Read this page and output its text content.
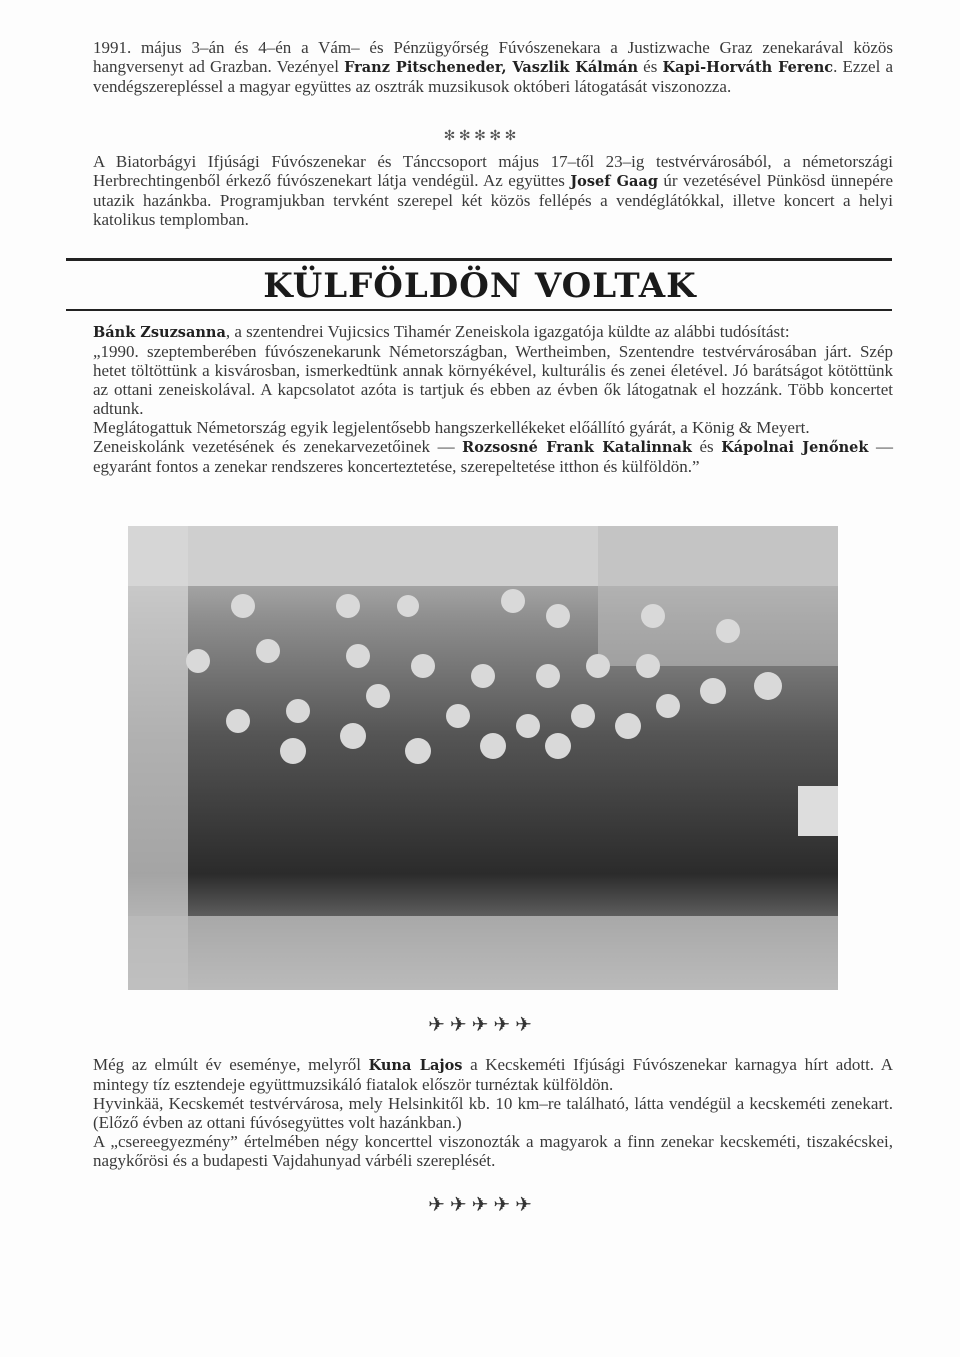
1991. május 3–án és 4–én a Vám– és Pénzügyőrség Fúvószenekara a Justizwache Graz zenekarával közös hangversenyt ad Grazban. Vezényel Franz Pitscheneder, Vaszlik Kálmán és Kapi-Horváth Ferenc. Ezzel a vendégszerepléssel a magyar együttes az osztrák muzsikusok októberi látogatását viszonozza.

✻ ✻ ✻ ✻ ✻

A Biatorbágyi Ifjúsági Fúvószenekar és Tánccsoport május 17–től 23–ig testvérvárosából, a németországi Herbrechtingenből érkező fúvószenekart látja vendégül. Az együttes Josef Gaag úr vezetésével Pünkösd ünnepére utazik hazánkba. Programjukban tervként szerepel két közös fellépés a vendéglátókkal, illetve koncert a helyi katolikus templomban.

KÜLFÖLDÖN VOLTAK

Bánk Zsuzsanna, a szentendrei Vujicsics Tihamér Zeneiskola igazgatója küldte az alábbi tudósítást:

„1990. szeptemberében fúvószenekarunk Németországban, Wertheimben, Szentendre testvérvárosában járt. Szép hetet töltöttünk a kisvárosban, ismerkedtünk annak környékével, kulturális és zenei életével. Jó barátságot kötöttünk az ottani zeneiskolával. A kapcsolatot azóta is tartjuk és ebben az évben ők látogatnak el hozzánk. Több koncertet adtunk.

Meglátogattuk Németország egyik legjelentősebb hangszerkellékeket előállító gyárát, a König & Meyert.

Zeneiskolánk vezetésének és zenekarvezetőinek — Rozsosné Frank Katalinnak és Kápolnai Jenőnek — egyaránt fontos a zenekar rendszeres koncerteztetése, szerepeltetése itthon és külföldön.”

✈ ✈ ✈ ✈ ✈

Még az elmúlt év eseménye, melyről Kuna Lajos a Kecskeméti Ifjúsági Fúvószenekar karnagya hírt adott. A mintegy tíz esztendeje együttmuzsikáló fiatalok először turnéztak külföldön.

Hyvinkää, Kecskemét testvérvárosa, mely Helsinkitől kb. 10 km–re található, látta vendégül a kecskeméti zenekart. (Előző évben az ottani fúvósegyüttes volt hazánkban.)

A „csereegyezmény” értelmében négy koncerttel viszonozták a magyarok a finn zenekar kecskeméti, tiszakécskei, nagykőrösi és a budapesti Vajdahunyad várbéli szereplését.

✈ ✈ ✈ ✈ ✈
